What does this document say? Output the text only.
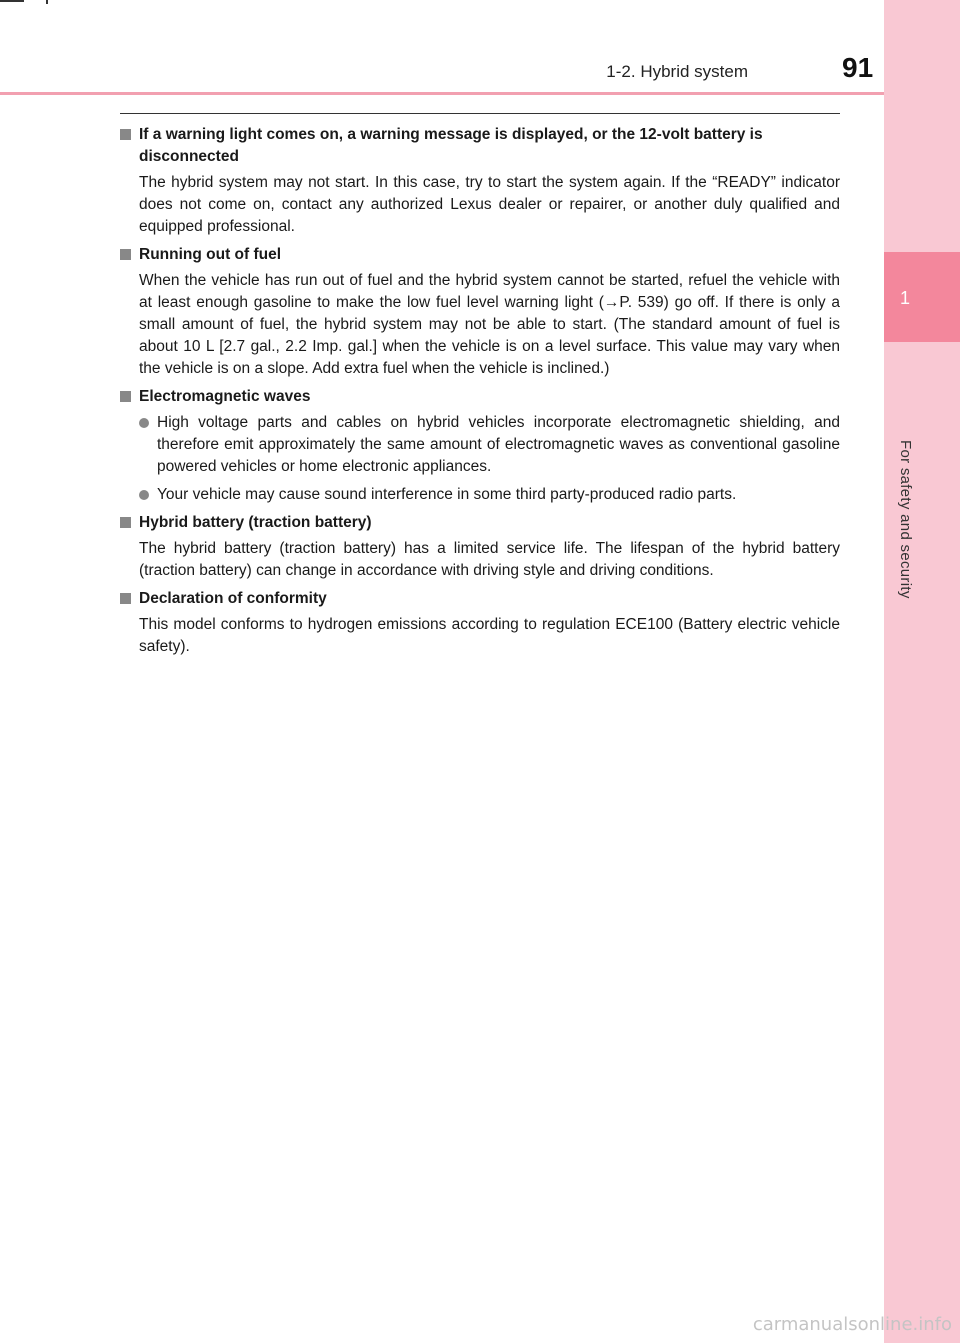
1
For safety and security
1-2. Hybrid system	91
If a warning light comes on, a warning message is displayed, or the 12-volt battery is disconnected
The hybrid system may not start. In this case, try to start the system again. If the “READY” indicator does not come on, contact any authorized Lexus dealer or repairer, or another duly qualified and equipped professional.
Running out of fuel
When the vehicle has run out of fuel and the hybrid system cannot be started, refuel the vehicle with at least enough gasoline to make the low fuel level warning light (→P. 539) go off. If there is only a small amount of fuel, the hybrid system may not be able to start. (The standard amount of fuel is about 10 L [2.7 gal., 2.2 Imp. gal.] when the vehicle is on a level surface. This value may vary when the vehicle is on a slope. Add extra fuel when the vehicle is inclined.)
Electromagnetic waves
High voltage parts and cables on hybrid vehicles incorporate electromagnetic shielding, and therefore emit approximately the same amount of electromagnetic waves as conventional gasoline powered vehicles or home electronic appliances.
Your vehicle may cause sound interference in some third party-produced radio parts.
Hybrid battery (traction battery)
The hybrid battery (traction battery) has a limited service life. The lifespan of the hybrid battery (traction battery) can change in accordance with driving style and driving conditions.
Declaration of conformity
This model conforms to hydrogen emissions according to regulation ECE100 (Battery electric vehicle safety).
carmanualsonline.info
